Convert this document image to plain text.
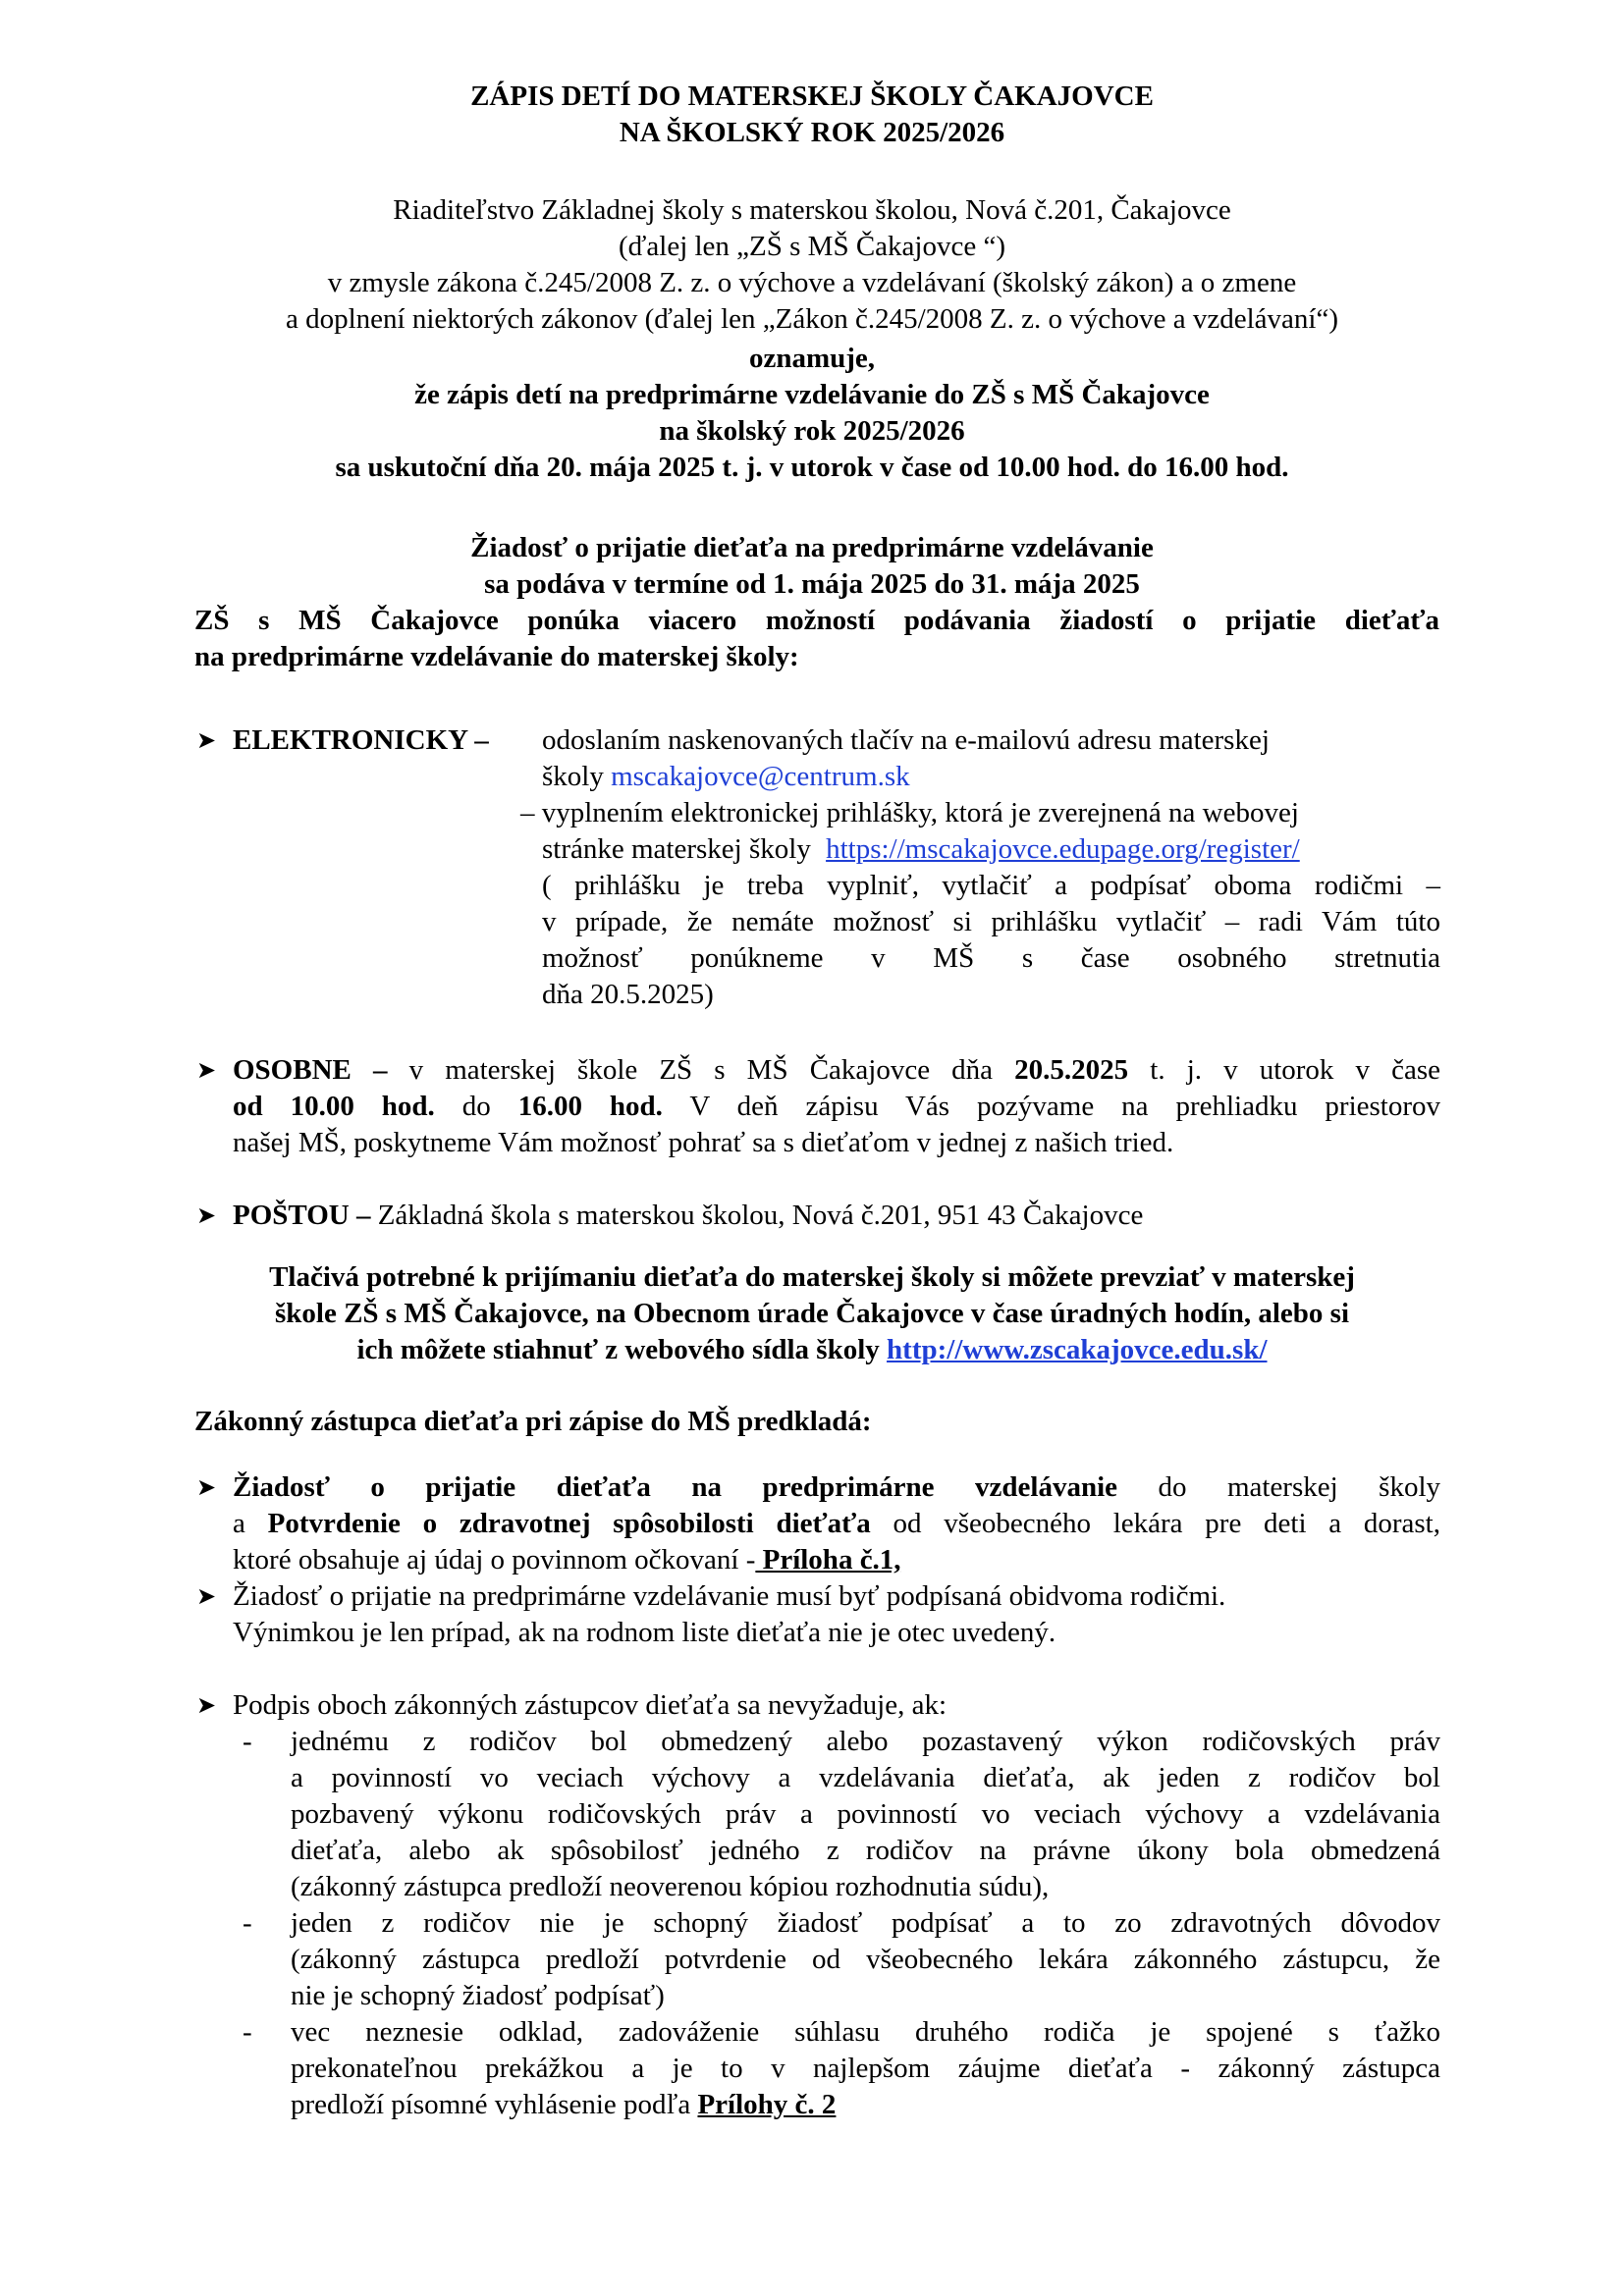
ZÁPIS DETÍ DO MATERSKEJ ŠKOLY ČAKAJOVCE
NA ŠKOLSKÝ ROK 2025/2026
Riaditeľstvo Základnej školy s materskou školou, Nová č.201, Čakajovce
(ďalej len „ZŠ s MŠ Čakajovce “)
v zmysle zákona č.245/2008 Z. z. o výchove a vzdelávaní (školský zákon) a o zmene
a doplnení niektorých zákonov (ďalej len „Zákon č.245/2008 Z. z. o výchove a vzdelávaní“)
oznamuje,
že zápis detí na predprimárne vzdelávanie do ZŠ s MŠ Čakajovce
na školský rok 2025/2026
sa uskutoční dňa 20. mája 2025 t. j. v utorok v čase od 10.00 hod. do 16.00 hod.
Žiadosť o prijatie dieťaťa na predprimárne vzdelávanie
sa podáva v termíne od 1. mája 2025 do 31. mája 2025
ZŠ s MŠ Čakajovce ponúka viacero možností podávania žiadostí o prijatie dieťaťa
na predprimárne vzdelávanie do materskej školy:
➤ ELEKTRONICKY – odoslaním naskenovaných tlačív na e-mailovú adresu materskej
školy mscakajovce@centrum.sk
– vyplnením elektronickej prihlášky, ktorá je zverejnená na webovej
stránke materskej školy https://mscakajovce.edupage.org/register/
( prihlášku je treba vyplniť, vytlačiť a podpísať oboma rodičmi –
v prípade, že nemáte možnosť si prihlášku vytlačiť – radi Vám túto
možnosť ponúkneme v MŠ s čase osobného stretnutia
dňa 20.5.2025)
➤ OSOBNE – v materskej škole ZŠ s MŠ Čakajovce dňa 20.5.2025 t. j. v utorok v čase
od 10.00 hod. do 16.00 hod. V deň zápisu Vás pozývame na prehliadku priestorov
našej MŠ, poskytneme Vám možnosť pohrať sa s dieťaťom v jednej z našich tried.
➤ POŠTOU – Základná škola s materskou školou, Nová č.201, 951 43 Čakajovce
Tlačivá potrebné k prijímaniu dieťaťa do materskej školy si môžete prevziať v materskej
škole ZŠ s MŠ Čakajovce, na Obecnom úrade Čakajovce v čase úradných hodín, alebo si
ich môžete stiahnuť z webového sídla školy http://www.zscakajovce.edu.sk/
Zákonný zástupca dieťaťa pri zápise do MŠ predkladá:
➤ Žiadosť o prijatie dieťaťa na predprimárne vzdelávanie do materskej školy
a Potvrdenie o zdravotnej spôsobilosti dieťaťa od všeobecného lekára pre deti a dorast,
ktoré obsahuje aj údaj o povinnom očkovaní - Príloha č.1,
➤ Žiadosť o prijatie na predprimárne vzdelávanie musí byť podpísaná obidvoma rodičmi.
Výnimkou je len prípad, ak na rodnom liste dieťaťa nie je otec uvedený.
➤ Podpis oboch zákonných zástupcov dieťaťa sa nevyžaduje, ak:
- jednému z rodičov bol obmedzený alebo pozastavený výkon rodičovských práv
a povinností vo veciach výchovy a vzdelávania dieťaťa, ak jeden z rodičov bol
pozbavený výkonu rodičovských práv a povinností vo veciach výchovy a vzdelávania
dieťaťa, alebo ak spôsobilosť jedného z rodičov na právne úkony bola obmedzená
(zákonný zástupca predloží neoverenou kópiou rozhodnutia súdu),
- jeden z rodičov nie je schopný žiadosť podpísať a to zo zdravotných dôvodov
(zákonný zástupca predloží potvrdenie od všeobecného lekára zákonného zástupcu, že
nie je schopný žiadosť podpísať)
- vec neznesie odklad, zadováženie súhlasu druhého rodiča je spojené s ťažko
prekonateľnou prekážkou a je to v najlepšom záujme dieťaťa - zákonný zástupca
predloží písomné vyhlásenie podľa Prílohy č. 2
